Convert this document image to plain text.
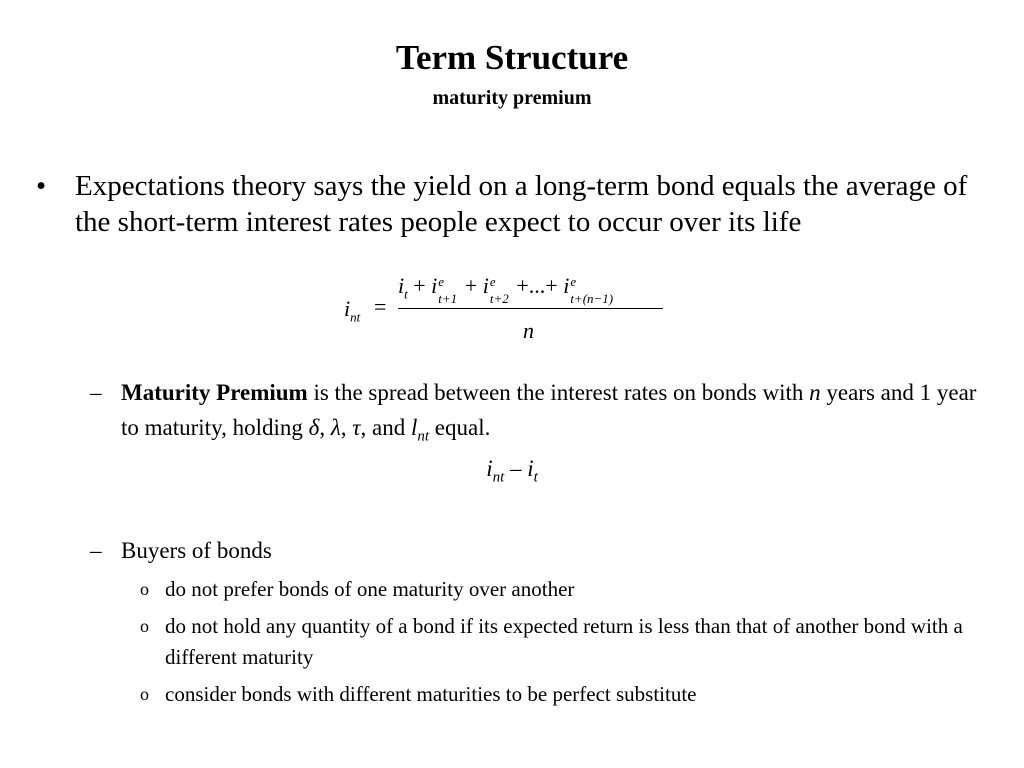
Term Structure
maturity premium
• Expectations theory says the yield on a long-term bond equals the average of the short-term interest rates people expect to occur over its life
$i_{nt}$ =
$i_t + i$ e
t+1
+ i e
t+2
+...+ i e
t+(n−1)
n
– Maturity Premium is the spread between the interest rates on bonds with n years and 1 year to maturity, holding δ, λ, τ, and $l_{nt}$ equal.
$i_{nt} - i_t$
– Buyers of bonds
o do not prefer bonds of one maturity over another
o do not hold any quantity of a bond if its expected return is less than that of another bond with a different maturity
o consider bonds with different maturities to be perfect substitute
